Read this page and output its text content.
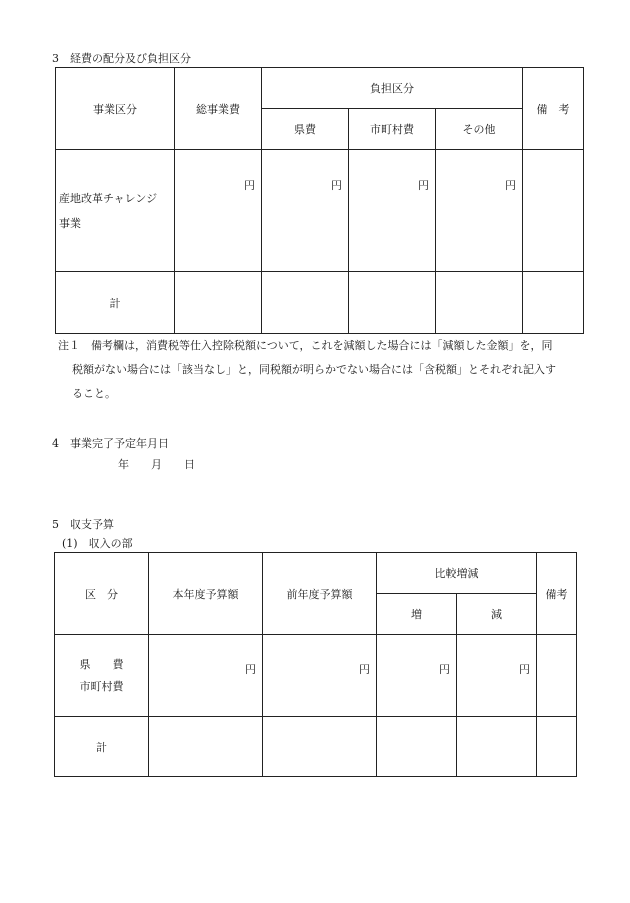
3　経費の配分及び負担区分
事業区分	総事業費	負担区分			備　考
		県費	市町村費	その他	

産地改革チャレンジ
事業	円	円	円	円	
計					
注１　備考欄は，消費税等仕入控除税額について，これを減額した場合には「減額した金額」を，同
税額がない場合には「該当なし」と，同税額が明らかでない場合には「含税額」とそれぞれ記入す
ること。
4　事業完了予定年月日
年　　月　　日
5　収支予算
(1)　収入の部
区　分	本年度予算額	前年度予算額	比較増減		備考
			増	減	

県　　費
市町村費	円	円	円	円	
計					
